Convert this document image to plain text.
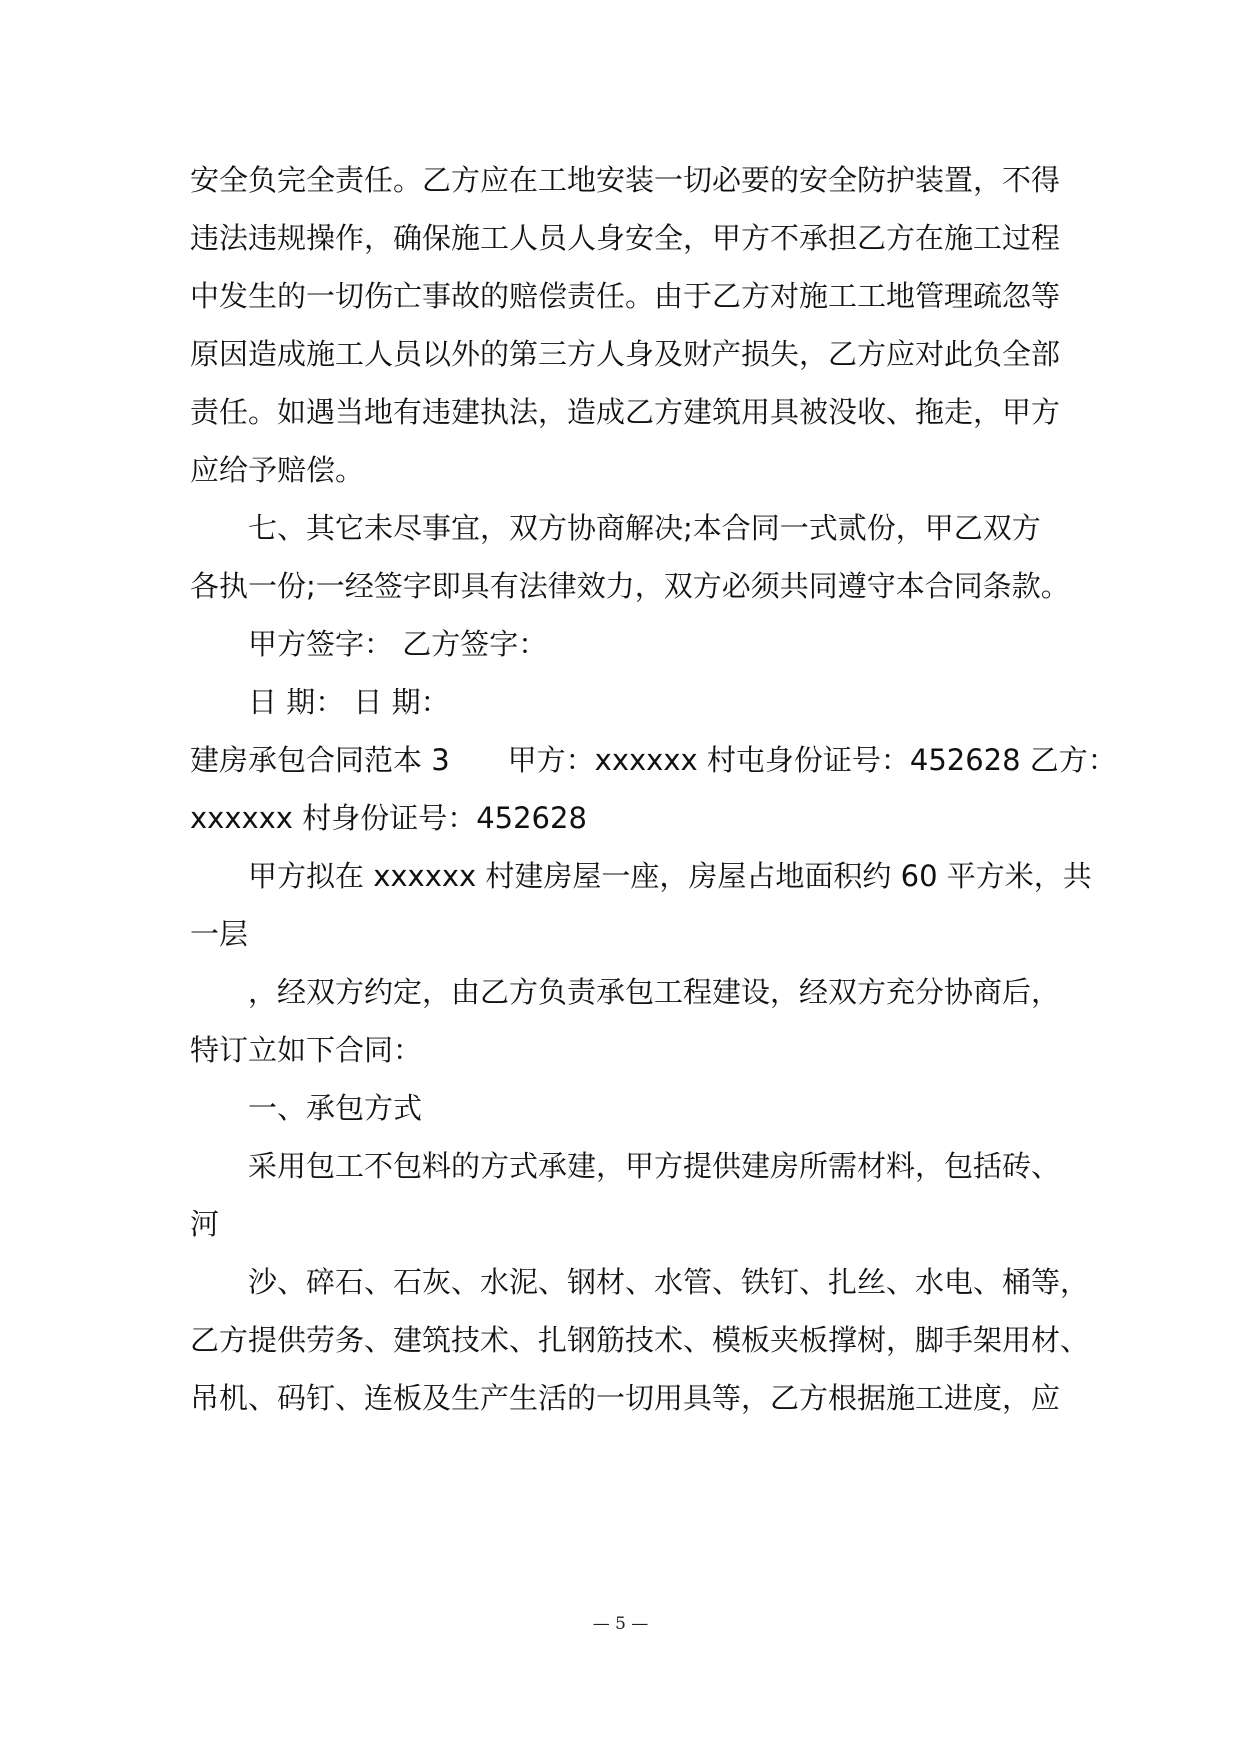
安全负完全责任。乙方应在工地安装一切必要的安全防护装置，不得
违法违规操作，确保施工人员人身安全，甲方不承担乙方在施工过程
中发生的一切伤亡事故的赔偿责任。由于乙方对施工工地管理疏忽等
原因造成施工人员以外的第三方人身及财产损失，乙方应对此负全部
责任。如遇当地有违建执法，造成乙方建筑用具被没收、拖走，甲方
应给予赔偿。
七、其它未尽事宜，双方协商解决;本合同一式贰份，甲乙双方
各执一份;一经签字即具有法律效力，双方必须共同遵守本合同条款。
甲方签字： 乙方签字：
日 期： 日 期：
建房承包合同范本 3 甲方：xxxxxx 村屯身份证号：452628 乙方：
xxxxxx 村身份证号：452628
甲方拟在 xxxxxx 村建房屋一座，房屋占地面积约 60 平方米，共
一层
，经双方约定，由乙方负责承包工程建设，经双方充分协商后，
特订立如下合同：
一、承包方式
采用包工不包料的方式承建，甲方提供建房所需材料，包括砖、
河
沙、碎石、石灰、水泥、钢材、水管、铁钉、扎丝、水电、桶等，
乙方提供劳务、建筑技术、扎钢筋技术、模板夹板撑树，脚手架用材、
吊机、码钉、连板及生产生活的一切用具等，乙方根据施工进度，应
— 5 —
